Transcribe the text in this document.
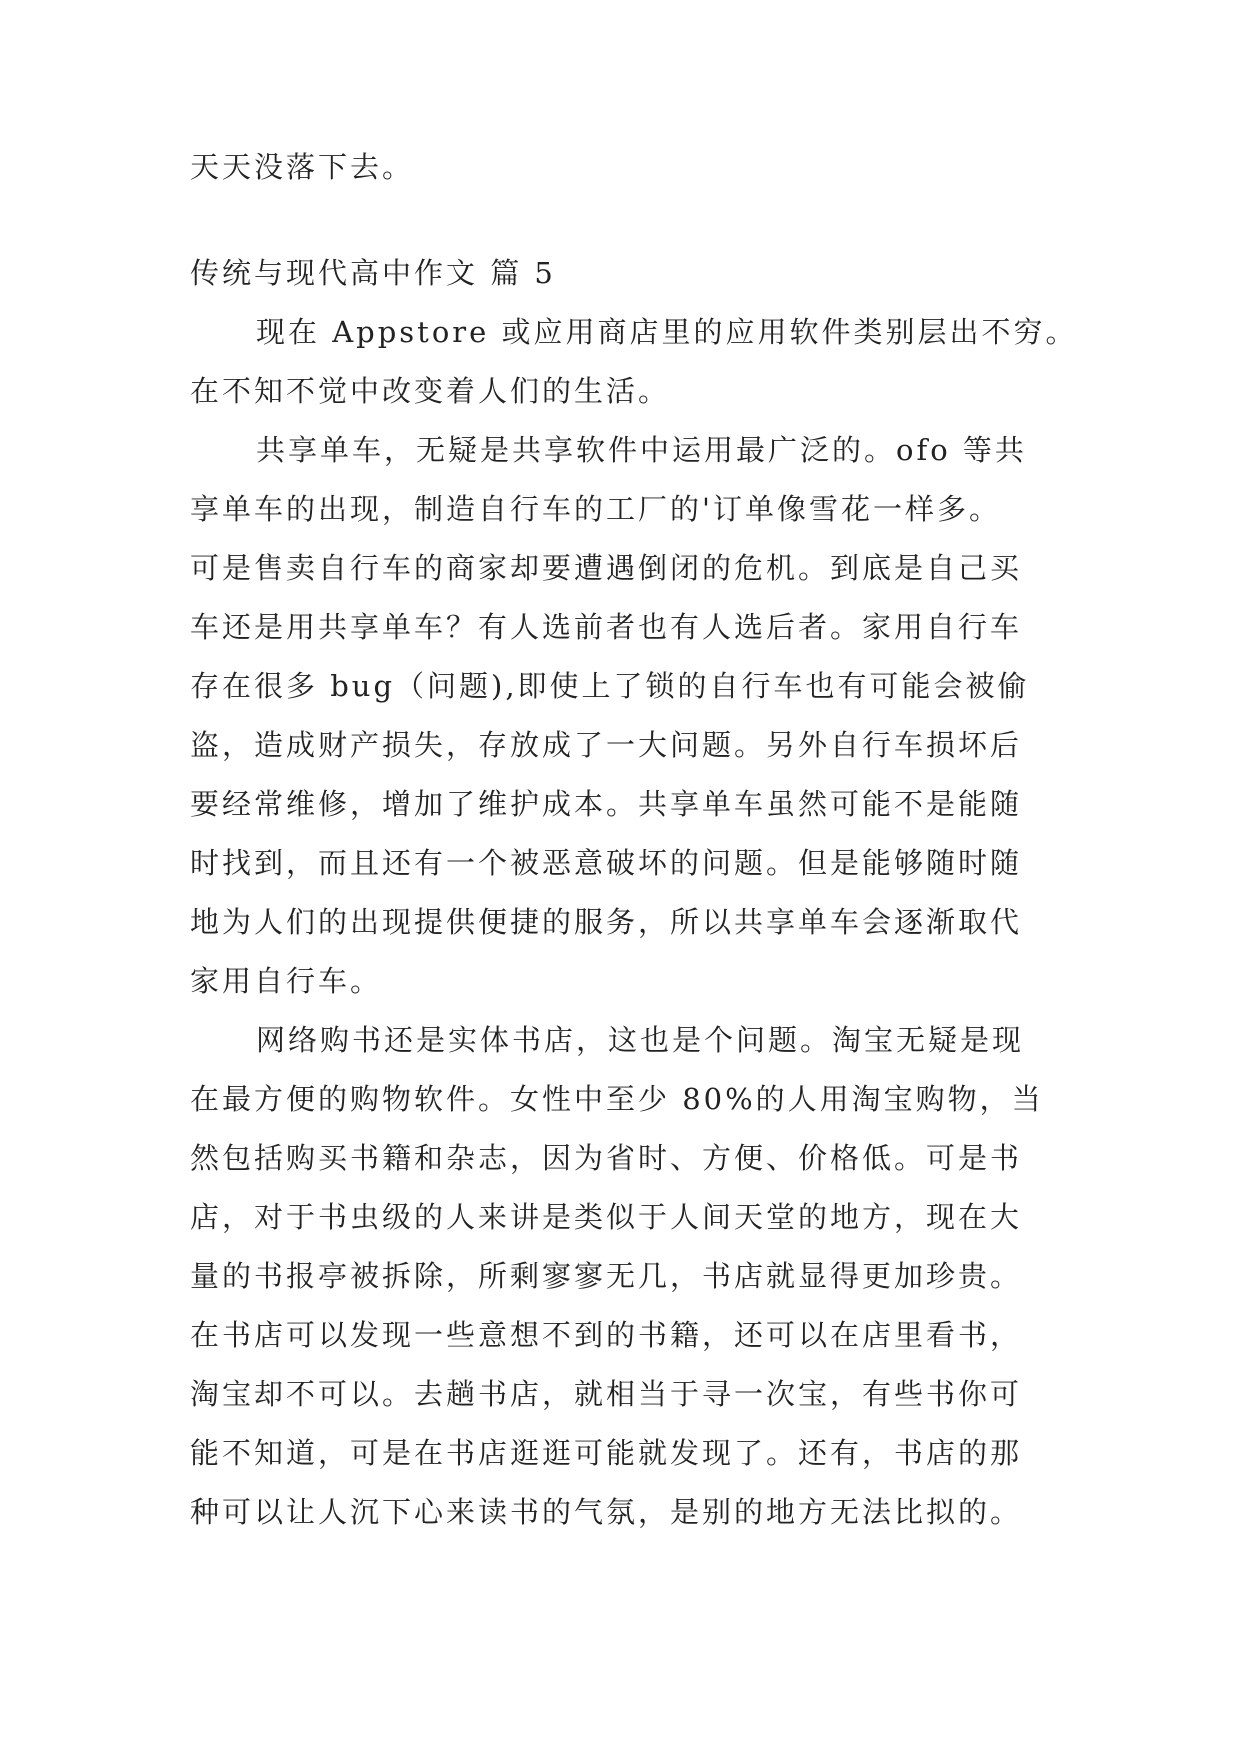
天天没落下去。
传统与现代高中作文 篇 5
现在 Appstore 或应用商店里的应用软件类别层出不穷。
在不知不觉中改变着人们的生活。
共享单车，无疑是共享软件中运用最广泛的。ofo 等共
享单车的出现，制造自行车的工厂的'订单像雪花一样多。
可是售卖自行车的商家却要遭遇倒闭的危机。到底是自己买
车还是用共享单车？有人选前者也有人选后者。家用自行车
存在很多 bug（问题),即使上了锁的自行车也有可能会被偷
盗，造成财产损失，存放成了一大问题。另外自行车损坏后
要经常维修，增加了维护成本。共享单车虽然可能不是能随
时找到，而且还有一个被恶意破坏的问题。但是能够随时随
地为人们的出现提供便捷的服务，所以共享单车会逐渐取代
家用自行车。
网络购书还是实体书店，这也是个问题。淘宝无疑是现
在最方便的购物软件。女性中至少 80%的人用淘宝购物，当
然包括购买书籍和杂志，因为省时、方便、价格低。可是书
店，对于书虫级的人来讲是类似于人间天堂的地方，现在大
量的书报亭被拆除，所剩寥寥无几，书店就显得更加珍贵。
在书店可以发现一些意想不到的书籍，还可以在店里看书，
淘宝却不可以。去趟书店，就相当于寻一次宝，有些书你可
能不知道，可是在书店逛逛可能就发现了。还有，书店的那
种可以让人沉下心来读书的气氛，是别的地方无法比拟的。
